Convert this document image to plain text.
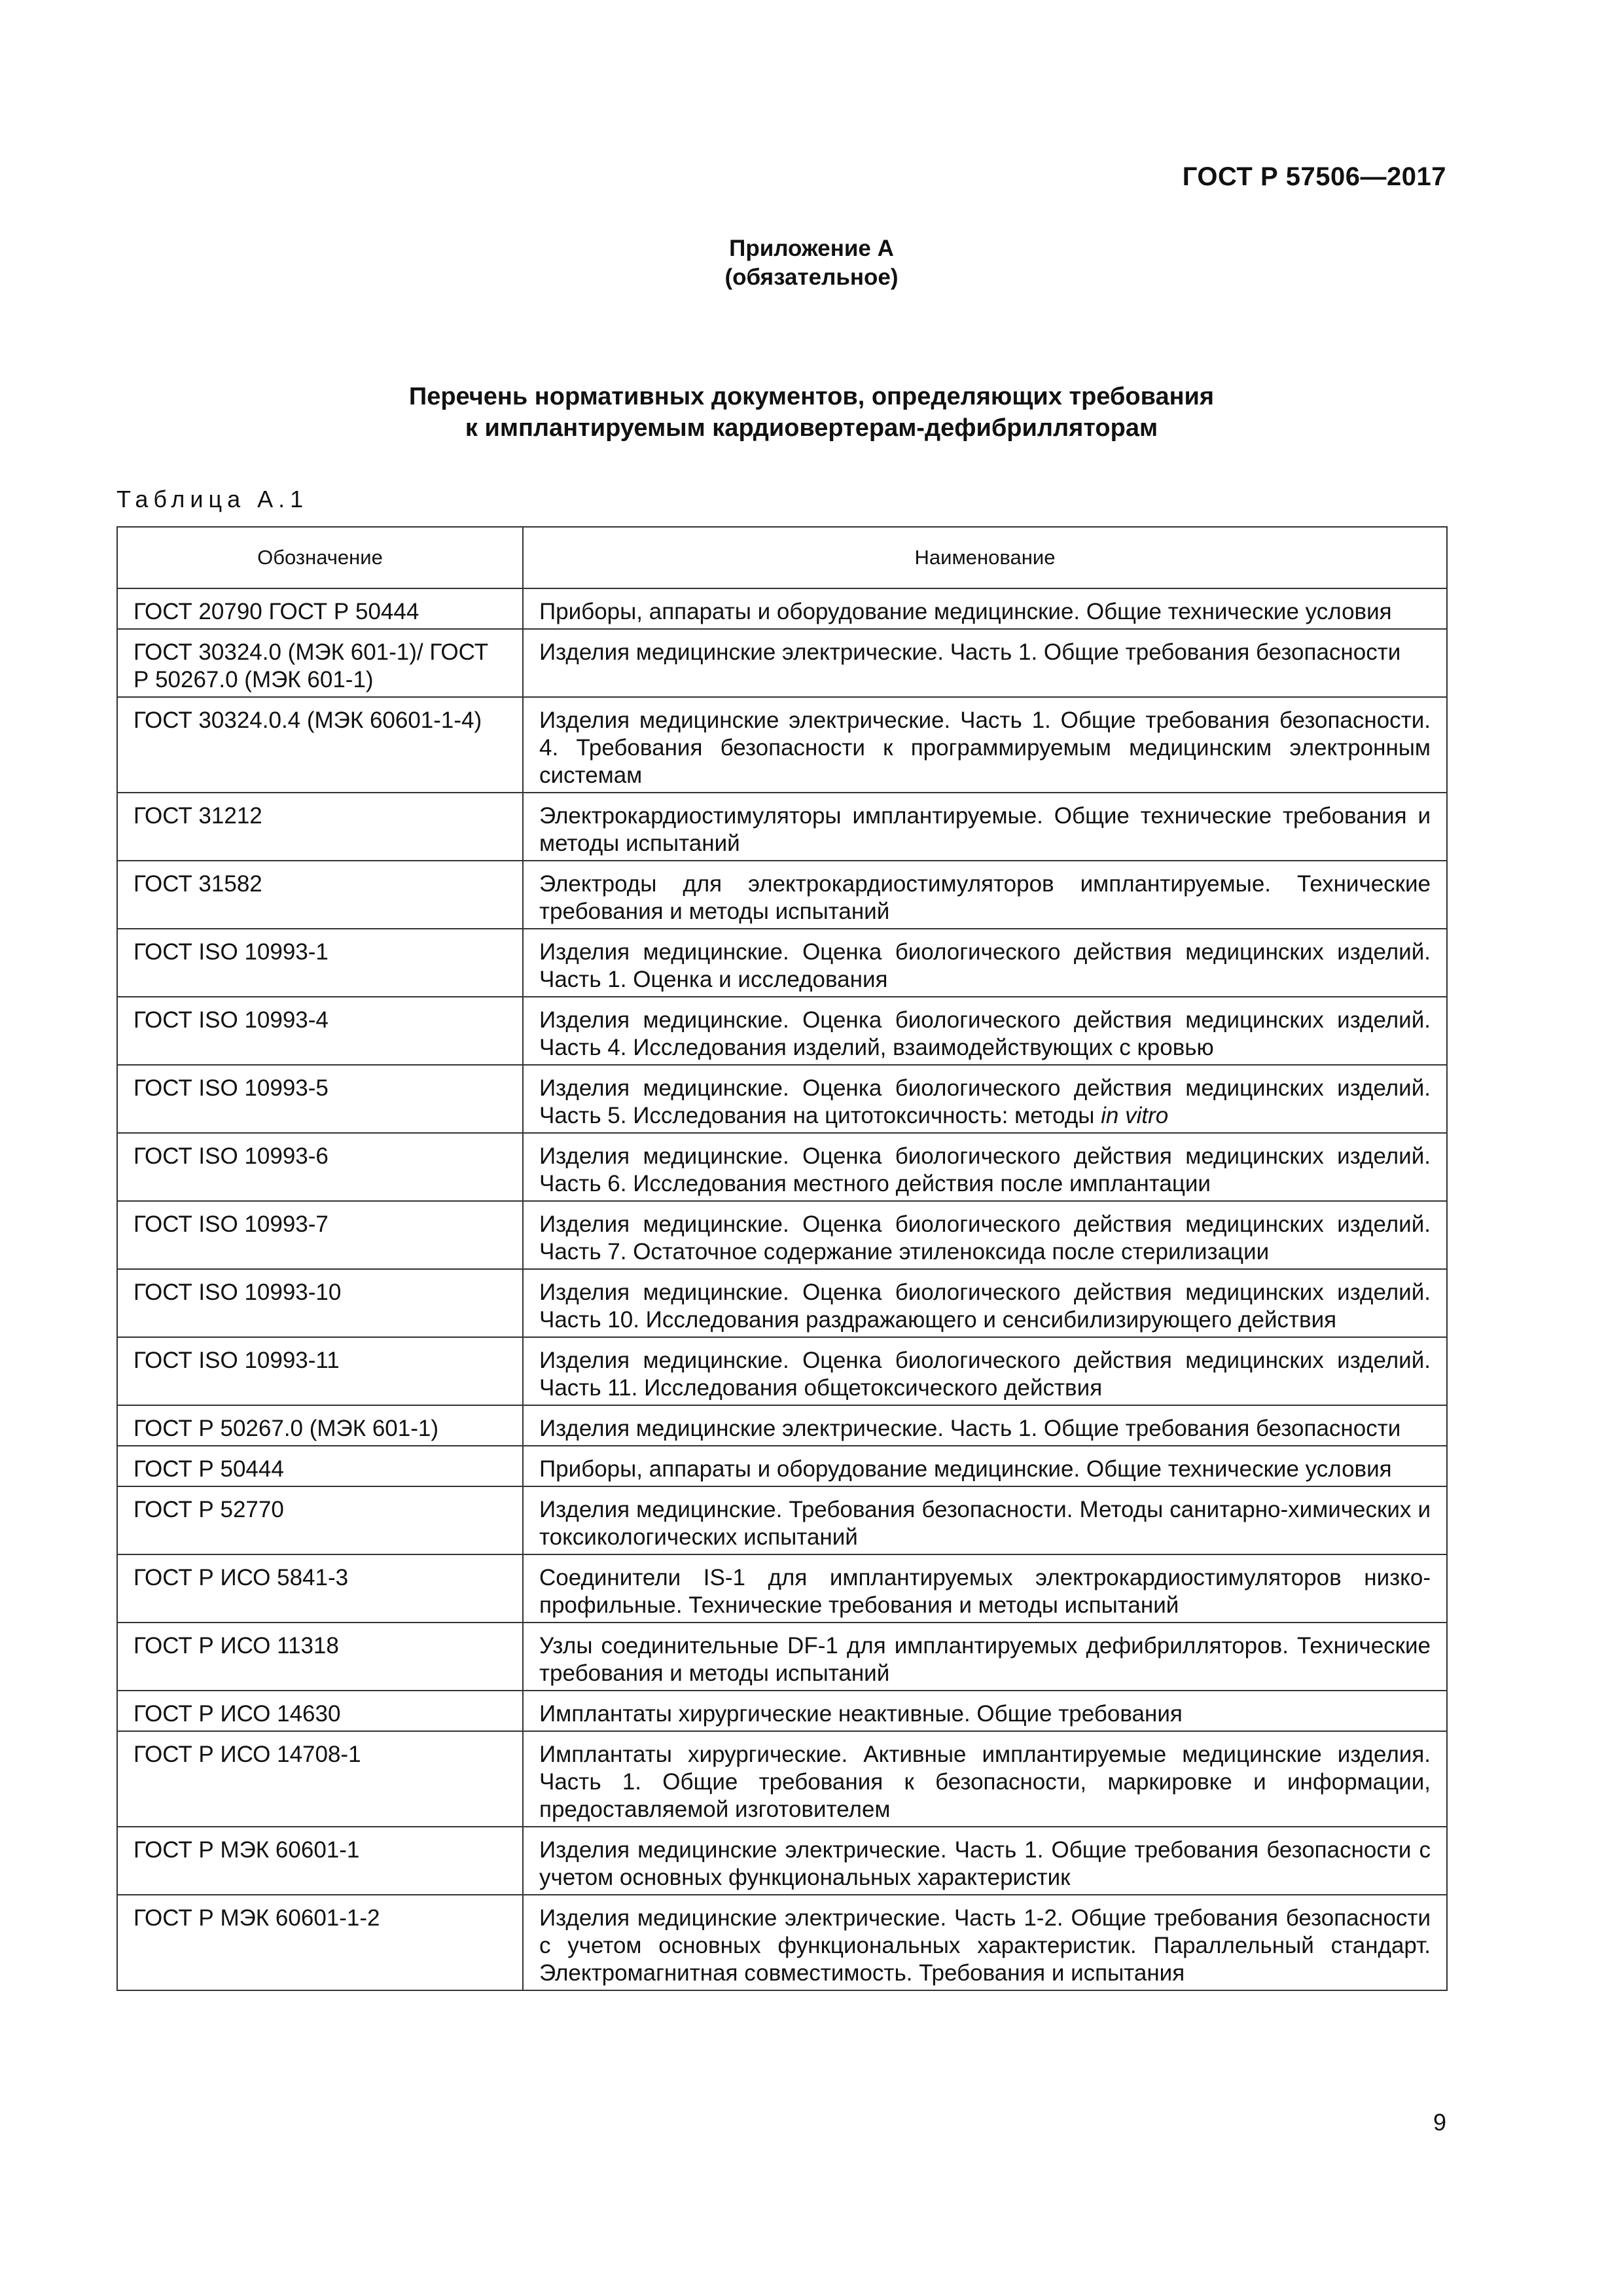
ГОСТ Р 57506—2017
Приложение А
(обязательное)
Перечень нормативных документов, определяющих требования
к имплантируемым кардиовертерам-дефибрилляторам
Таблица А.1
Обозначение	Наименование
ГОСТ 20790 ГОСТ Р 50444	Приборы, аппараты и оборудование медицинские. Общие технические условия
ГОСТ 30324.0 (МЭК 601-1)/ ГОСТ Р 50267.0 (МЭК 601-1)	Изделия медицинские электрические. Часть 1. Общие требования безопасности
ГОСТ 30324.0.4 (МЭК 60601-1-4)	Изделия медицинские электрические. Часть 1. Общие требования безопасности. 4. Требования безопасности к программируемым медицинским электронным системам
ГОСТ 31212	Электрокардиостимуляторы имплантируемые. Общие технические требования и методы испытаний
ГОСТ 31582	Электроды для электрокардиостимуляторов имплантируемые. Технические требования и методы испытаний
ГОСТ ISO 10993-1	Изделия медицинские. Оценка биологического действия медицинских изделий. Часть 1. Оценка и исследования
ГОСТ ISO 10993-4	Изделия медицинские. Оценка биологического действия медицинских изделий. Часть 4. Исследования изделий, взаимодействующих с кровью
ГОСТ ISO 10993-5	Изделия медицинские. Оценка биологического действия медицинских изделий. Часть 5. Исследования на цитотоксичность: методы in vitro
ГОСТ ISO 10993-6	Изделия медицинские. Оценка биологического действия медицинских изделий. Часть 6. Исследования местного действия после имплантации
ГОСТ ISO 10993-7	Изделия медицинские. Оценка биологического действия медицинских изделий. Часть 7. Остаточное содержание этиленоксида после стерилизации
ГОСТ ISO 10993-10	Изделия медицинские. Оценка биологического действия медицинских изделий. Часть 10. Исследования раздражающего и сенсибилизирующего действия
ГОСТ ISO 10993-11	Изделия медицинские. Оценка биологического действия медицинских изделий. Часть 11. Исследования общетоксического действия
ГОСТ Р 50267.0 (МЭК 601-1)	Изделия медицинские электрические. Часть 1. Общие требования безопасности
ГОСТ Р 50444	Приборы, аппараты и оборудование медицинские. Общие технические условия
ГОСТ Р 52770	Изделия медицинские. Требования безопасности. Методы санитарно-химических и токсикологических испытаний
ГОСТ Р ИСО 5841-3	Соединители IS-1 для имплантируемых электрокардиостимуляторов низкопрофильные. Технические требования и методы испытаний
ГОСТ Р ИСО 11318	Узлы соединительные DF-1 для имплантируемых дефибрилляторов. Технические требования и методы испытаний
ГОСТ Р ИСО 14630	Имплантаты хирургические неактивные. Общие требования
ГОСТ Р ИСО 14708-1	Имплантаты хирургические. Активные имплантируемые медицинские изделия. Часть 1. Общие требования к безопасности, маркировке и информации, предоставляемой изготовителем
ГОСТ Р МЭК 60601-1	Изделия медицинские электрические. Часть 1. Общие требования безопасности с учетом основных функциональных характеристик
ГОСТ Р МЭК 60601-1-2	Изделия медицинские электрические. Часть 1-2. Общие требования безопасности с учетом основных функциональных характеристик. Параллельный стандарт. Электромагнитная совместимость. Требования и испытания
9
